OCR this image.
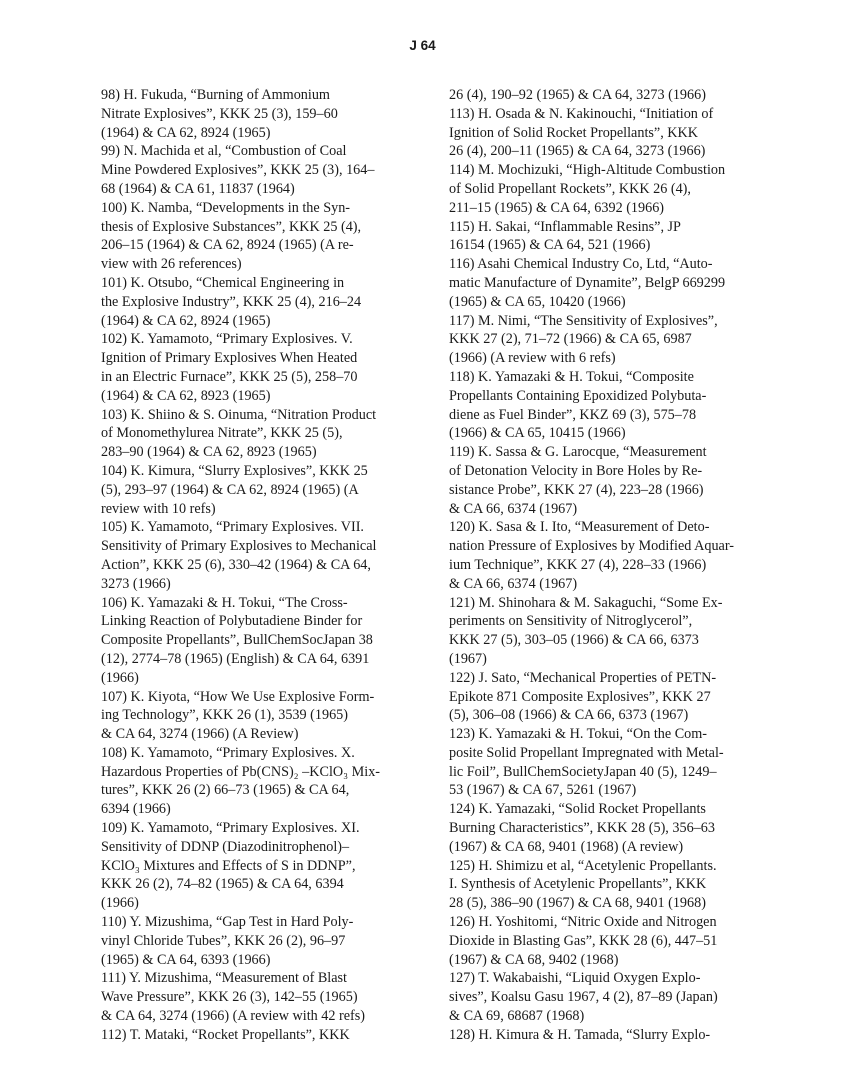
J 64
98) H. Fukuda, “Burning of Ammonium
Nitrate Explosives”, KKK 25 (3), 159–60
(1964) & CA 62, 8924 (1965)
99) N. Machida et al, “Combustion of Coal
Mine Powdered Explosives”, KKK 25 (3), 164–
68 (1964) & CA 61, 11837 (1964)
100) K. Namba, “Developments in the Syn-
thesis of Explosive Substances”, KKK 25 (4),
206–15 (1964) & CA 62, 8924 (1965) (A re-
view with 26 references)
101) K. Otsubo, “Chemical Engineering in
the Explosive Industry”, KKK 25 (4), 216–24
(1964) & CA 62, 8924 (1965)
102) K. Yamamoto, “Primary Explosives. V.
Ignition of Primary Explosives When Heated
in an Electric Furnace”, KKK 25 (5), 258–70
(1964) & CA 62, 8923 (1965)
103) K. Shiino & S. Oinuma, “Nitration Product
of Monomethylurea Nitrate”, KKK 25 (5),
283–90 (1964) & CA 62, 8923 (1965)
104) K. Kimura, “Slurry Explosives”, KKK 25
(5), 293–97 (1964) & CA 62, 8924 (1965) (A
review with 10 refs)
105) K. Yamamoto, “Primary Explosives. VII.
Sensitivity of Primary Explosives to Mechanical
Action”, KKK 25 (6), 330–42 (1964) & CA 64,
3273 (1966)
106) K. Yamazaki & H. Tokui, “The Cross-
Linking Reaction of Polybutadiene Binder for
Composite Propellants”, BullChemSocJapan 38
(12), 2774–78 (1965) (English) & CA 64, 6391
(1966)
107) K. Kiyota, “How We Use Explosive Form-
ing Technology”, KKK 26 (1), 3539 (1965)
& CA 64, 3274 (1966) (A Review)
108) K. Yamamoto, “Primary Explosives. X.
Hazardous Properties of Pb(CNS)₂ –KClO₃ Mix-
tures”, KKK 26 (2) 66–73 (1965) & CA 64,
6394 (1966)
109) K. Yamamoto, “Primary Explosives. XI.
Sensitivity of DDNP (Diazodinitrophenol)–
KClO₃ Mixtures and Effects of S in DDNP”,
KKK 26 (2), 74–82 (1965) & CA 64, 6394
(1966)
110) Y. Mizushima, “Gap Test in Hard Poly-
vinyl Chloride Tubes”, KKK 26 (2), 96–97
(1965) & CA 64, 6393 (1966)
111) Y. Mizushima, “Measurement of Blast
Wave Pressure”, KKK 26 (3), 142–55 (1965)
& CA 64, 3274 (1966) (A review with 42 refs)
112) T. Mataki, “Rocket Propellants”, KKK
26 (4), 190–92 (1965) & CA 64, 3273 (1966)
113) H. Osada & N. Kakinouchi, “Initiation of
Ignition of Solid Rocket Propellants”, KKK
26 (4), 200–11 (1965) & CA 64, 3273 (1966)
114) M. Mochizuki, “High-Altitude Combustion
of Solid Propellant Rockets”, KKK 26 (4),
211–15 (1965) & CA 64, 6392 (1966)
115) H. Sakai, “Inflammable Resins”, JP
16154 (1965) & CA 64, 521 (1966)
116) Asahi Chemical Industry Co, Ltd, “Auto-
matic Manufacture of Dynamite”, BelgP 669299
(1965) & CA 65, 10420 (1966)
117) M. Nimi, “The Sensitivity of Explosives”,
KKK 27 (2), 71–72 (1966) & CA 65, 6987
(1966) (A review with 6 refs)
118) K. Yamazaki & H. Tokui, “Composite
Propellants Containing Epoxidized Polybuta-
diene as Fuel Binder”, KKZ 69 (3), 575–78
(1966) & CA 65, 10415 (1966)
119) K. Sassa & G. Larocque, “Measurement
of Detonation Velocity in Bore Holes by Re-
sistance Probe”, KKK 27 (4), 223–28 (1966)
& CA 66, 6374 (1967)
120) K. Sasa & I. Ito, “Measurement of Deto-
nation Pressure of Explosives by Modified Aquar-
ium Technique”, KKK 27 (4), 228–33 (1966)
& CA 66, 6374 (1967)
121) M. Shinohara & M. Sakaguchi, “Some Ex-
periments on Sensitivity of Nitroglycerol”,
KKK 27 (5), 303–05 (1966) & CA 66, 6373
(1967)
122) J. Sato, “Mechanical Properties of PETN-
Epikote 871 Composite Explosives”, KKK 27
(5), 306–08 (1966) & CA 66, 6373 (1967)
123) K. Yamazaki & H. Tokui, “On the Com-
posite Solid Propellant Impregnated with Metal-
lic Foil”, BullChemSocietyJapan 40 (5), 1249–
53 (1967) & CA 67, 5261 (1967)
124) K. Yamazaki, “Solid Rocket Propellants
Burning Characteristics”, KKK 28 (5), 356–63
(1967) & CA 68, 9401 (1968) (A review)
125) H. Shimizu et al, “Acetylenic Propellants.
I. Synthesis of Acetylenic Propellants”, KKK
28 (5), 386–90 (1967) & CA 68, 9401 (1968)
126) H. Yoshitomi, “Nitric Oxide and Nitrogen
Dioxide in Blasting Gas”, KKK 28 (6), 447–51
(1967) & CA 68, 9402 (1968)
127) T. Wakabaishi, “Liquid Oxygen Explo-
sives”, Koalsu Gasu 1967, 4 (2), 87–89 (Japan)
& CA 69, 68687 (1968)
128) H. Kimura & H. Tamada, “Slurry Explo-
